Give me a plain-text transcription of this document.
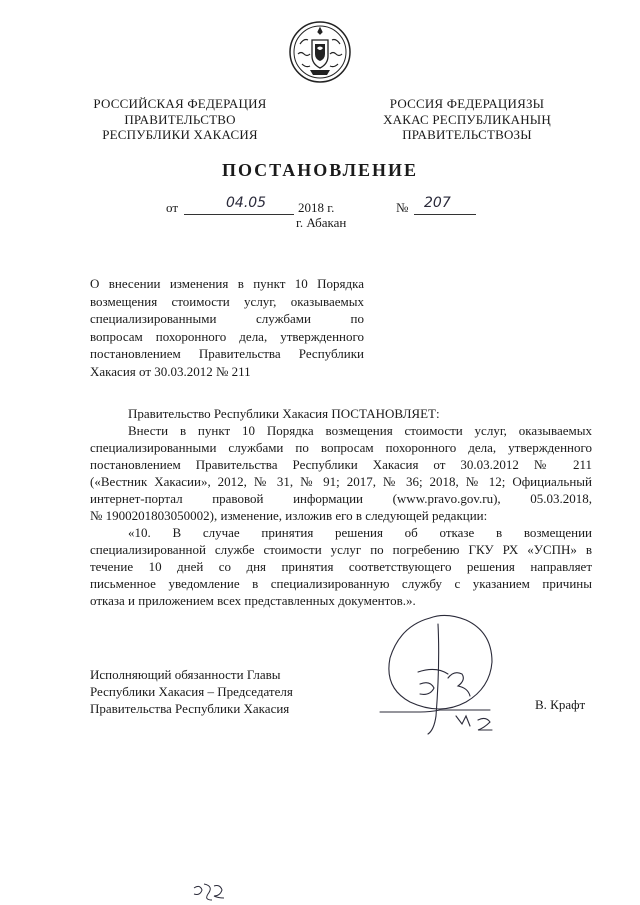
РОССИЙСКАЯ ФЕДЕРАЦИЯ
ПРАВИТЕЛЬСТВО
РЕСПУБЛИКИ ХАКАСИЯ
РОССИЯ ФЕДЕРАЦИЯЗЫ
ХАКАС РЕСПУБЛИКАНЫҢ
ПРАВИТЕЛЬСТВОЗЫ
ПОСТАНОВЛЕНИЕ
от	04.05 2018 г.	№ 207
г. Абакан
О внесении изменения в пункт 10 Порядка
возмещения стоимости услуг, оказываемых
специализированными службами по
вопросам похоронного дела, утвержденного
постановлением Правительства Республики
Хакасия от 30.03.2012 № 211
Правительство Республики Хакасия ПОСТАНОВЛЯЕТ:
Внести в пункт 10 Порядка возмещения стоимости услуг, оказываемых
специализированными службами по вопросам похоронного дела, утвержденного
постановлением Правительства Республики Хакасия от 30.03.2012 № 211
(«Вестник Хакасии», 2012, № 31, № 91; 2017, № 36; 2018, № 12; Официальный
интернет-портал правовой информации (www.pravo.gov.ru), 05.03.2018,
№ 1900201803050002), изменение, изложив его в следующей редакции:
«10. В случае принятия решения об отказе в возмещении
специализированной службе стоимости услуг по погребению ГКУ РХ «УСПН» в
течение 10 дней со дня принятия соответствующего решения направляет
письменное уведомление в специализированную службу с указанием причины
отказа и приложением всех представленных документов.».
Исполняющий обязанности Главы
Республики Хакасия – Председателя
Правительства Республики Хакасия	В. Крафт
